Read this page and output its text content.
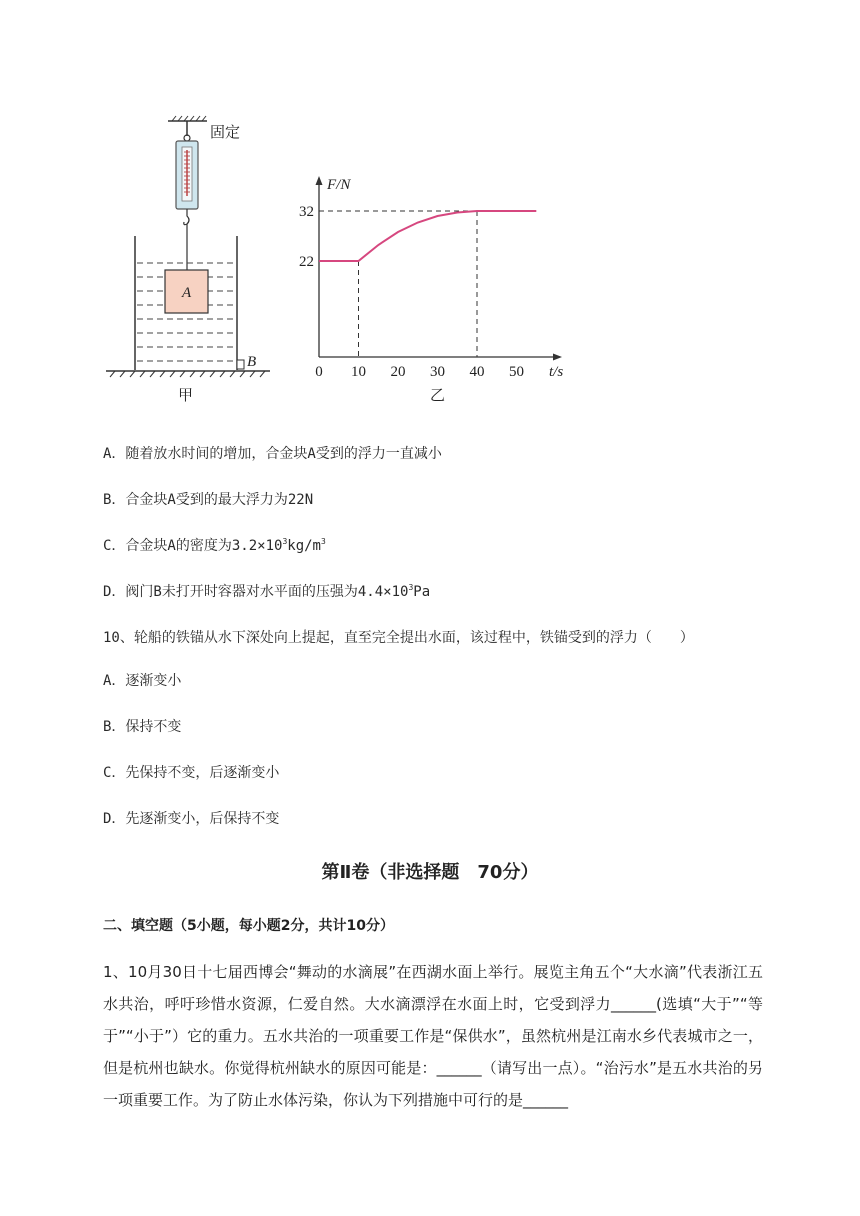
固定
A
B
甲
F/N
t/s
22
32
0 10 20 30 40 50
乙
A．随着放水时间的增加，合金块A受到的浮力一直减小
B．合金块A受到的最大浮力为22N
C．合金块A的密度为$3.2\times 10^3kg/m^3$
D．阀门B未打开时容器对水平面的压强为$4.4\times 10^3Pa$
10、轮船的铁锚从水下深处向上提起，直至完全提出水面，该过程中，铁锚受到的浮力（　　）
A．逐渐变小
B．保持不变
C．先保持不变，后逐渐变小
D．先逐渐变小，后保持不变
第Ⅱ卷（非选择题　70分）
二、填空题（5小题，每小题2分，共计10分）
1、10月30日十七届西博会“舞动的水滴展”在西湖水面上举行。展览主角五个“大水滴”代表浙江五水共治，呼吁珍惜水资源，仁爱自然。大水滴漂浮在水面上时，它受到浮力______(选填“大于”“等于”“小于”）它的重力。五水共治的一项重要工作是“保供水”，虽然杭州是江南水乡代表城市之一，但是杭州也缺水。你觉得杭州缺水的原因可能是：______（请写出一点）。“治污水”是五水共治的另一项重要工作。为了防止水体污染，你认为下列措施中可行的是______
